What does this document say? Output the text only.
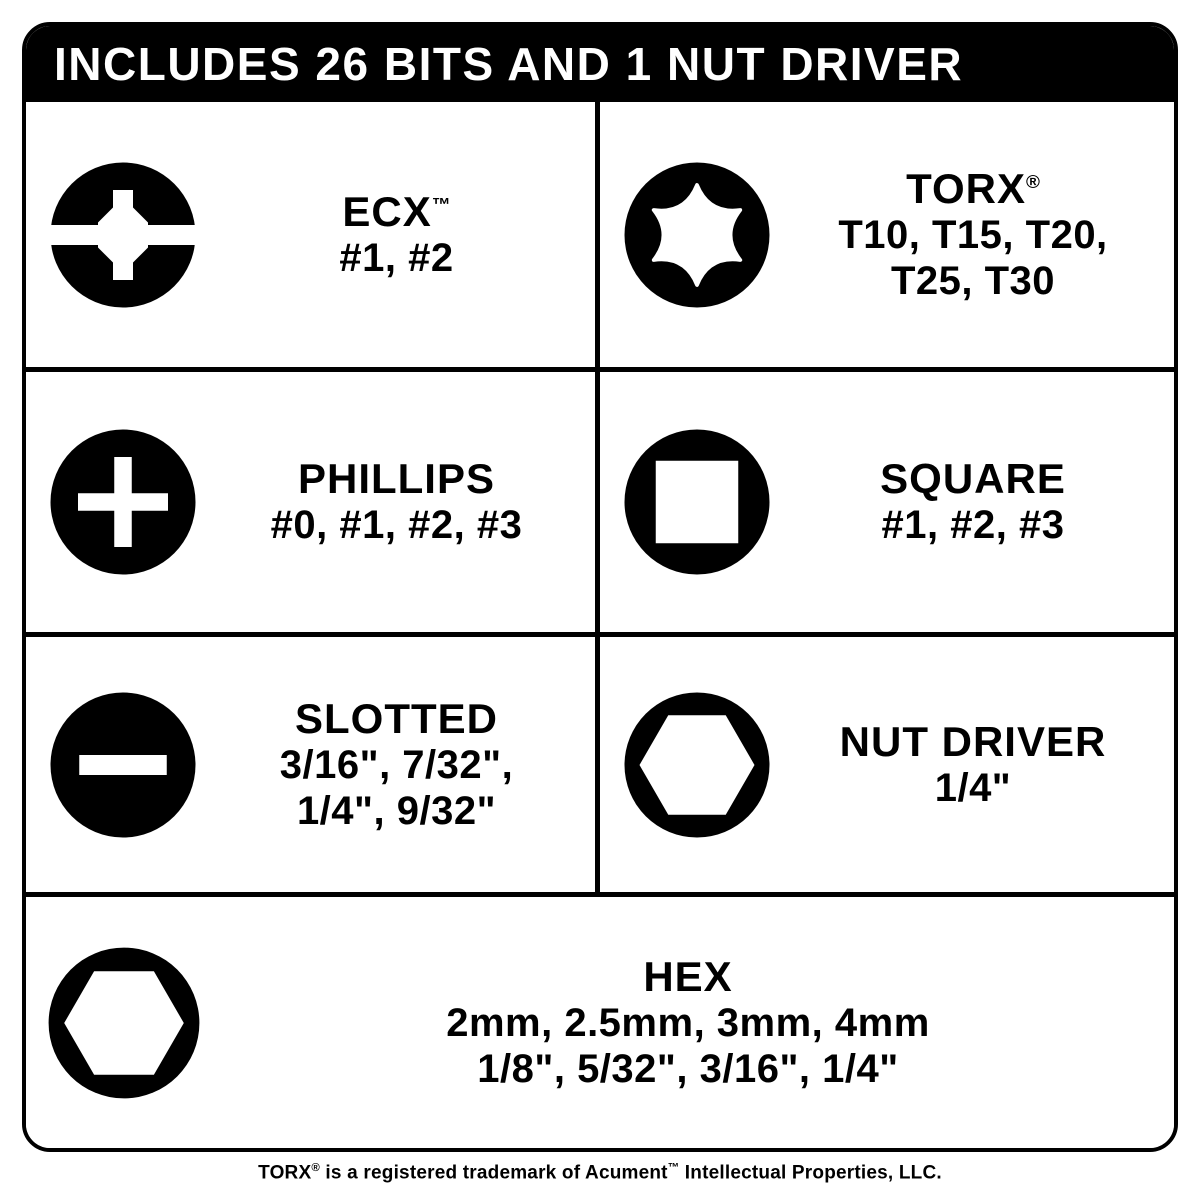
INCLUDES 26 BITS AND 1 NUT DRIVER
ECX™
#1, #2
TORX®
T10, T15, T20,
T25, T30
PHILLIPS
#0, #1, #2, #3
SQUARE
#1, #2, #3
SLOTTED
3/16", 7/32",
1/4", 9/32"
NUT DRIVER
1/4"
HEX
2mm, 2.5mm, 3mm, 4mm
1/8", 5/32", 3/16", 1/4"
TORX® is a registered trademark of Acument™ Intellectual Properties, LLC.
